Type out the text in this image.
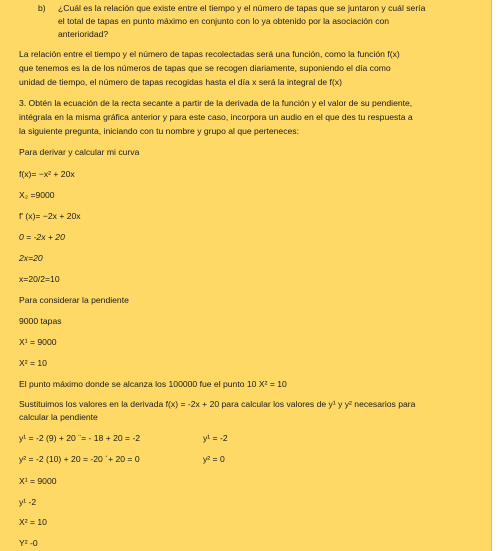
b) ¿Cuál es la relación que existe entre el tiempo y el número de tapas que se juntaron y cuál sería
el total de tapas en punto máximo en conjunto con lo ya obtenido por la asociación con
anterioridad?
La relación entre el tiempo y el número de tapas recolectadas será una función, como la función f(x)
que tenemos es la de los números de tapas que se recogen diariamente, suponiendo el día como
unidad de tiempo, el número de tapas recogidas hasta el día x será la integral de f(x)
3. Obtén la ecuación de la recta secante a partir de la derivada de la función y el valor de su pendiente,
intégrala en la misma gráfica anterior y para este caso, incorpora un audio en el que des tu respuesta a
la siguiente pregunta, iniciando con tu nombre y grupo al que perteneces:
Para derivar y calcular mi curva
f(x)= −x² + 20x
X₂ =9000
f' (x)= −2x + 20x
0 = -2x + 20
2x=20
x=20/2=10
Para considerar la pendiente
9000 tapas
X¹ = 9000
X² = 10
El punto máximo donde se alcanza los 100000 fue el punto 10 X² = 10
Sustituimos los valores en la derivada f(x) = -2x + 20 para calcular los valores de y¹ y y² necesarios para
calcular la pendiente
y¹ = -2 (9) + 20 ¨= - 18 + 20 = -2	y¹ = -2
y² = -2 (10) + 20 = -20 ´+ 20 = 0	y² = 0
X¹ = 9000
y¹ -2
X² = 10
Y² -0
